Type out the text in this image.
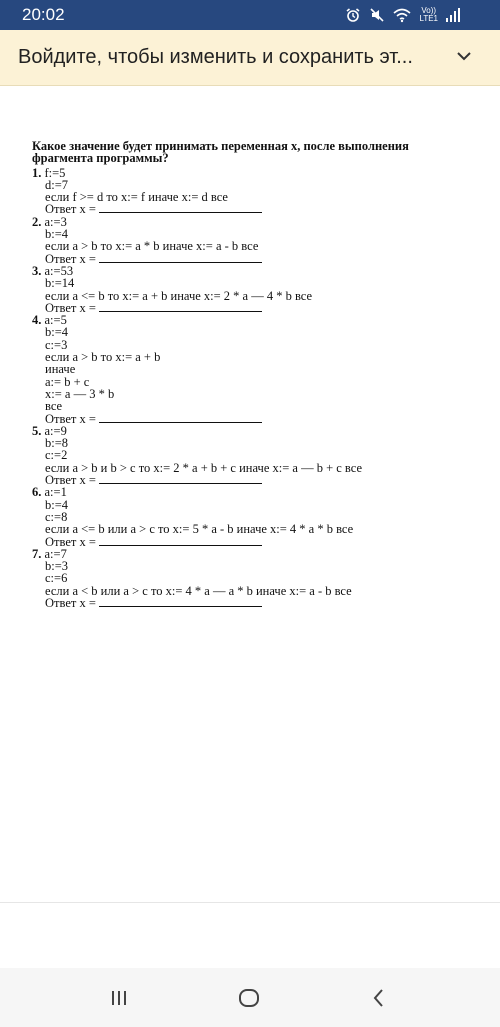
20:02	Vo))
LTE1
Войдите, чтобы изменить и сохранить эт...
Какое значение будет принимать переменная x, после выполнения фрагмента программы?
1. f:=5
d:=7
если f >= d то x:= f иначе x:= d все
Ответ x =
2. a:=3
b:=4
если a > b то x:= a * b иначе x:= a - b все
Ответ x =
3. a:=53
b:=14
если a <= b то x:= a + b иначе x:= 2 * a — 4 * b все
Ответ x =
4. a:=5
b:=4
c:=3
если a > b то x:= a + b
иначе
a:= b + c
x:= a — 3 * b
все
Ответ x =
5. a:=9
b:=8
c:=2
если a > b и b > c то x:= 2 * a + b + c иначе x:= a — b + c все
Ответ x =
6. a:=1
b:=4
c:=8
если a <= b или a > c то x:= 5 * a - b иначе x:= 4 * a * b все
Ответ x =
7. a:=7
b:=3
c:=6
если a < b или a > c то x:= 4 * a — a * b иначе x:= a - b все
Ответ x =
